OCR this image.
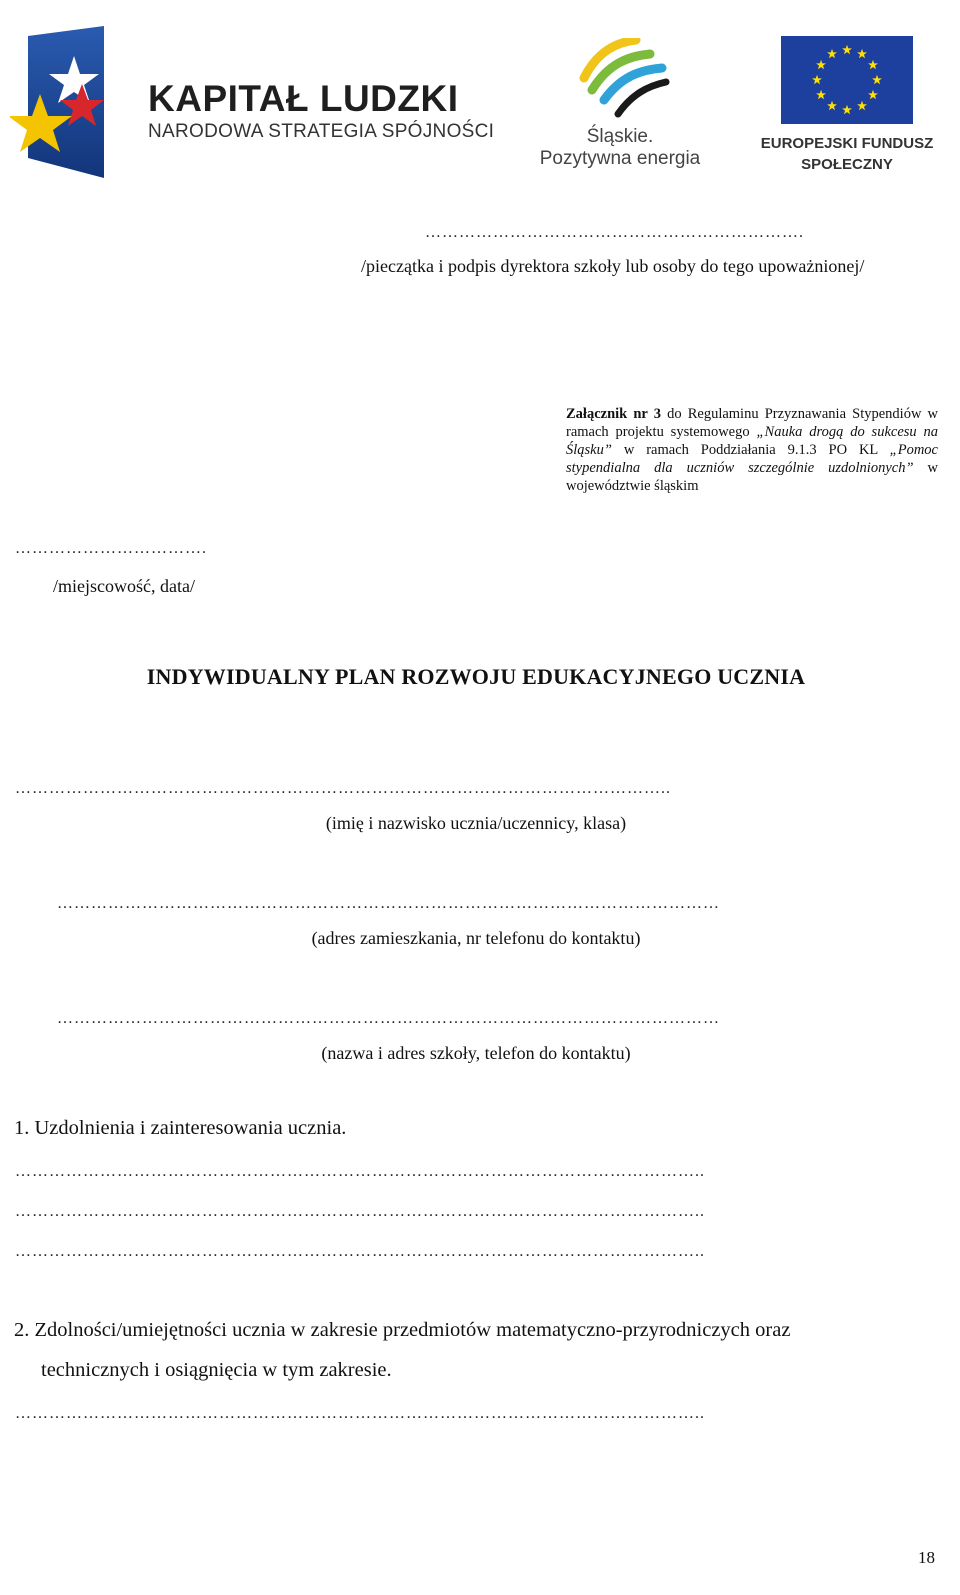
KAPITAŁ LUDZKI
NARODOWA STRATEGIA SPÓJNOŚCI	Śląskie.
Pozytywna energia
EUROPEJSKI FUNDUSZ
SPOŁECZNY
………………………………………………………….
/pieczątka i podpis dyrektora szkoły lub osoby do tego upoważnionej/
Załącznik nr 3 do Regulaminu Przyznawania Stypendiów w ramach projektu systemowego „Nauka drogą do sukcesu na Śląsku” w ramach Poddziałania 9.1.3 PO KL „Pomoc stypendialna dla uczniów szczególnie uzdolnionych” w województwie śląskim
…………………………….
/miejscowość, data/
INDYWIDUALNY PLAN ROZWOJU EDUKACYJNEGO UCZNIA
……………………………………………………………………………………………………..
(imię i nazwisko ucznia/uczennicy, klasa)
………………………………………………………………………………………………………
(adres zamieszkania, nr telefonu do kontaktu)
………………………………………………………………………………………………………
(nazwa i adres szkoły, telefon do kontaktu)
1. Uzdolnienia i zainteresowania ucznia.
…………………………………………………………………………………………………………..
…………………………………………………………………………………………………………..
…………………………………………………………………………………………………………..
2. Zdolności/umiejętności ucznia w zakresie przedmiotów matematyczno-przyrodniczych oraz
technicznych i osiągnięcia w tym zakresie.
…………………………………………………………………………………………………………..
18
